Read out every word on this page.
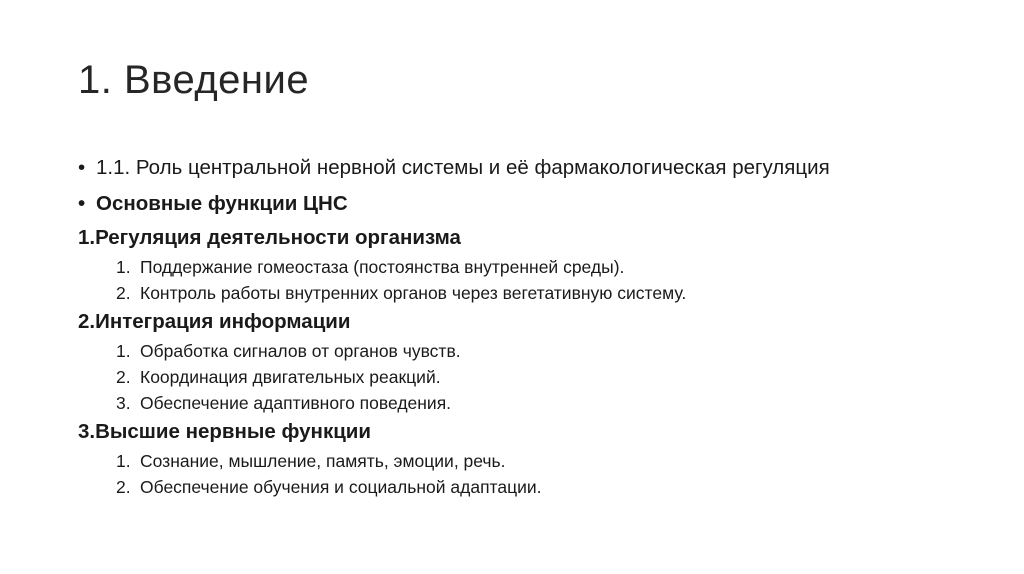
1. Введение
• 1.1. Роль центральной нервной системы и её фармакологическая регуляция
• Основные функции ЦНС
1.Регуляция деятельности организма
1. Поддержание гомеостаза (постоянства внутренней среды).
2. Контроль работы внутренних органов через вегетативную систему.
2.Интеграция информации
1. Обработка сигналов от органов чувств.
2. Координация двигательных реакций.
3. Обеспечение адаптивного поведения.
3.Высшие нервные функции
1. Сознание, мышление, память, эмоции, речь.
2. Обеспечение обучения и социальной адаптации.
